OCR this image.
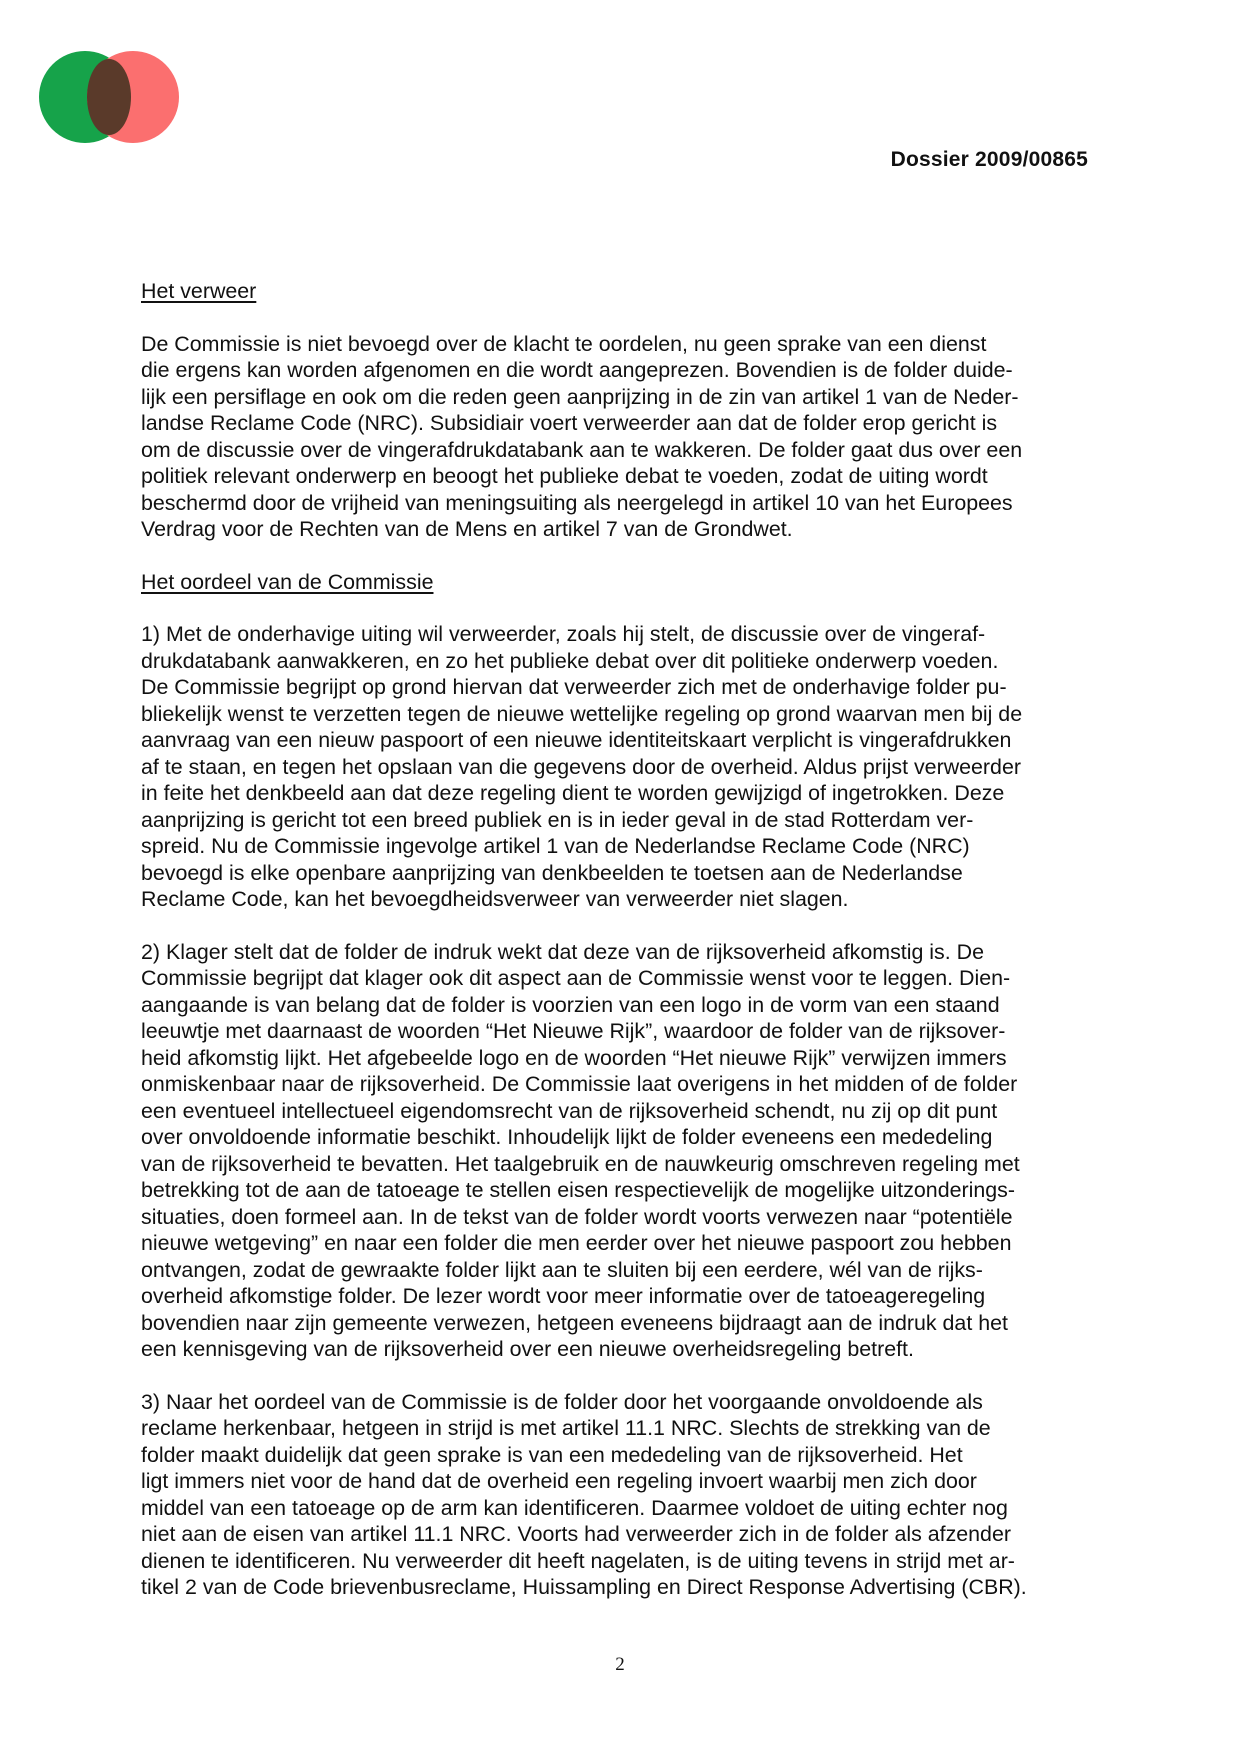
Dossier 2009/00865
Het verweer

De Commissie is niet bevoegd over de klacht te oordelen, nu geen sprake van een dienst
die ergens kan worden afgenomen en die wordt aangeprezen. Bovendien is de folder duide-
lijk een persiflage en ook om die reden geen aanprijzing in de zin van artikel 1 van de Neder-
landse Reclame Code (NRC). Subsidiair voert verweerder aan dat de folder erop gericht is
om de discussie over de vingerafdrukdatabank aan te wakkeren. De folder gaat dus over een
politiek relevant onderwerp en beoogt het publieke debat te voeden, zodat de uiting wordt
beschermd door de vrijheid van meningsuiting als neergelegd in artikel 10 van het Europees
Verdrag voor de Rechten van de Mens en artikel 7 van de Grondwet.

Het oordeel van de Commissie

1) Met de onderhavige uiting wil verweerder, zoals hij stelt, de discussie over de vingeraf-
drukdatabank aanwakkeren, en zo het publieke debat over dit politieke onderwerp voeden.
De Commissie begrijpt op grond hiervan dat verweerder zich met de onderhavige folder pu-
bliekelijk wenst te verzetten tegen de nieuwe wettelijke regeling op grond waarvan men bij de
aanvraag van een nieuw paspoort of een nieuwe identiteitskaart verplicht is vingerafdrukken
af te staan, en tegen het opslaan van die gegevens door de overheid. Aldus prijst verweerder
in feite het denkbeeld aan dat deze regeling dient te worden gewijzigd of ingetrokken. Deze
aanprijzing is gericht tot een breed publiek en is in ieder geval in de stad Rotterdam ver-
spreid. Nu de Commissie ingevolge artikel 1 van de Nederlandse Reclame Code (NRC)
bevoegd is elke openbare aanprijzing van denkbeelden te toetsen aan de Nederlandse
Reclame Code, kan het bevoegdheidsverweer van verweerder niet slagen.

2) Klager stelt dat de folder de indruk wekt dat deze van de rijksoverheid afkomstig is. De
Commissie begrijpt dat klager ook dit aspect aan de Commissie wenst voor te leggen. Dien-
aangaande is van belang dat de folder is voorzien van een logo in de vorm van een staand
leeuwtje met daarnaast de woorden “Het Nieuwe Rijk”, waardoor de folder van de rijksover-
heid afkomstig lijkt. Het afgebeelde logo en de woorden “Het nieuwe Rijk” verwijzen immers
onmiskenbaar naar de rijksoverheid. De Commissie laat overigens in het midden of de folder
een eventueel intellectueel eigendomsrecht van de rijksoverheid schendt, nu zij op dit punt
over onvoldoende informatie beschikt. Inhoudelijk lijkt de folder eveneens een mededeling
van de rijksoverheid te bevatten. Het taalgebruik en de nauwkeurig omschreven regeling met
betrekking tot de aan de tatoeage te stellen eisen respectievelijk de mogelijke uitzonderings-
situaties, doen formeel aan. In de tekst van de folder wordt voorts verwezen naar “potentiële
nieuwe wetgeving” en naar een folder die men eerder over het nieuwe paspoort zou hebben
ontvangen, zodat de gewraakte folder lijkt aan te sluiten bij een eerdere, wél van de rijks-
overheid afkomstige folder. De lezer wordt voor meer informatie over de tatoeageregeling
bovendien naar zijn gemeente verwezen, hetgeen eveneens bijdraagt aan de indruk dat het
een kennisgeving van de rijksoverheid over een nieuwe overheidsregeling betreft.

3) Naar het oordeel van de Commissie is de folder door het voorgaande onvoldoende als
reclame herkenbaar, hetgeen in strijd is met artikel 11.1 NRC. Slechts de strekking van de
folder maakt duidelijk dat geen sprake is van een mededeling van de rijksoverheid. Het
ligt immers niet voor de hand dat de overheid een regeling invoert waarbij men zich door
middel van een tatoeage op de arm kan identificeren. Daarmee voldoet de uiting echter nog
niet aan de eisen van artikel 11.1 NRC. Voorts had verweerder zich in de folder als afzender
dienen te identificeren. Nu verweerder dit heeft nagelaten, is de uiting tevens in strijd met ar-
tikel 2 van de Code brievenbusreclame, Huissampling en Direct Response Advertising (CBR).

2
